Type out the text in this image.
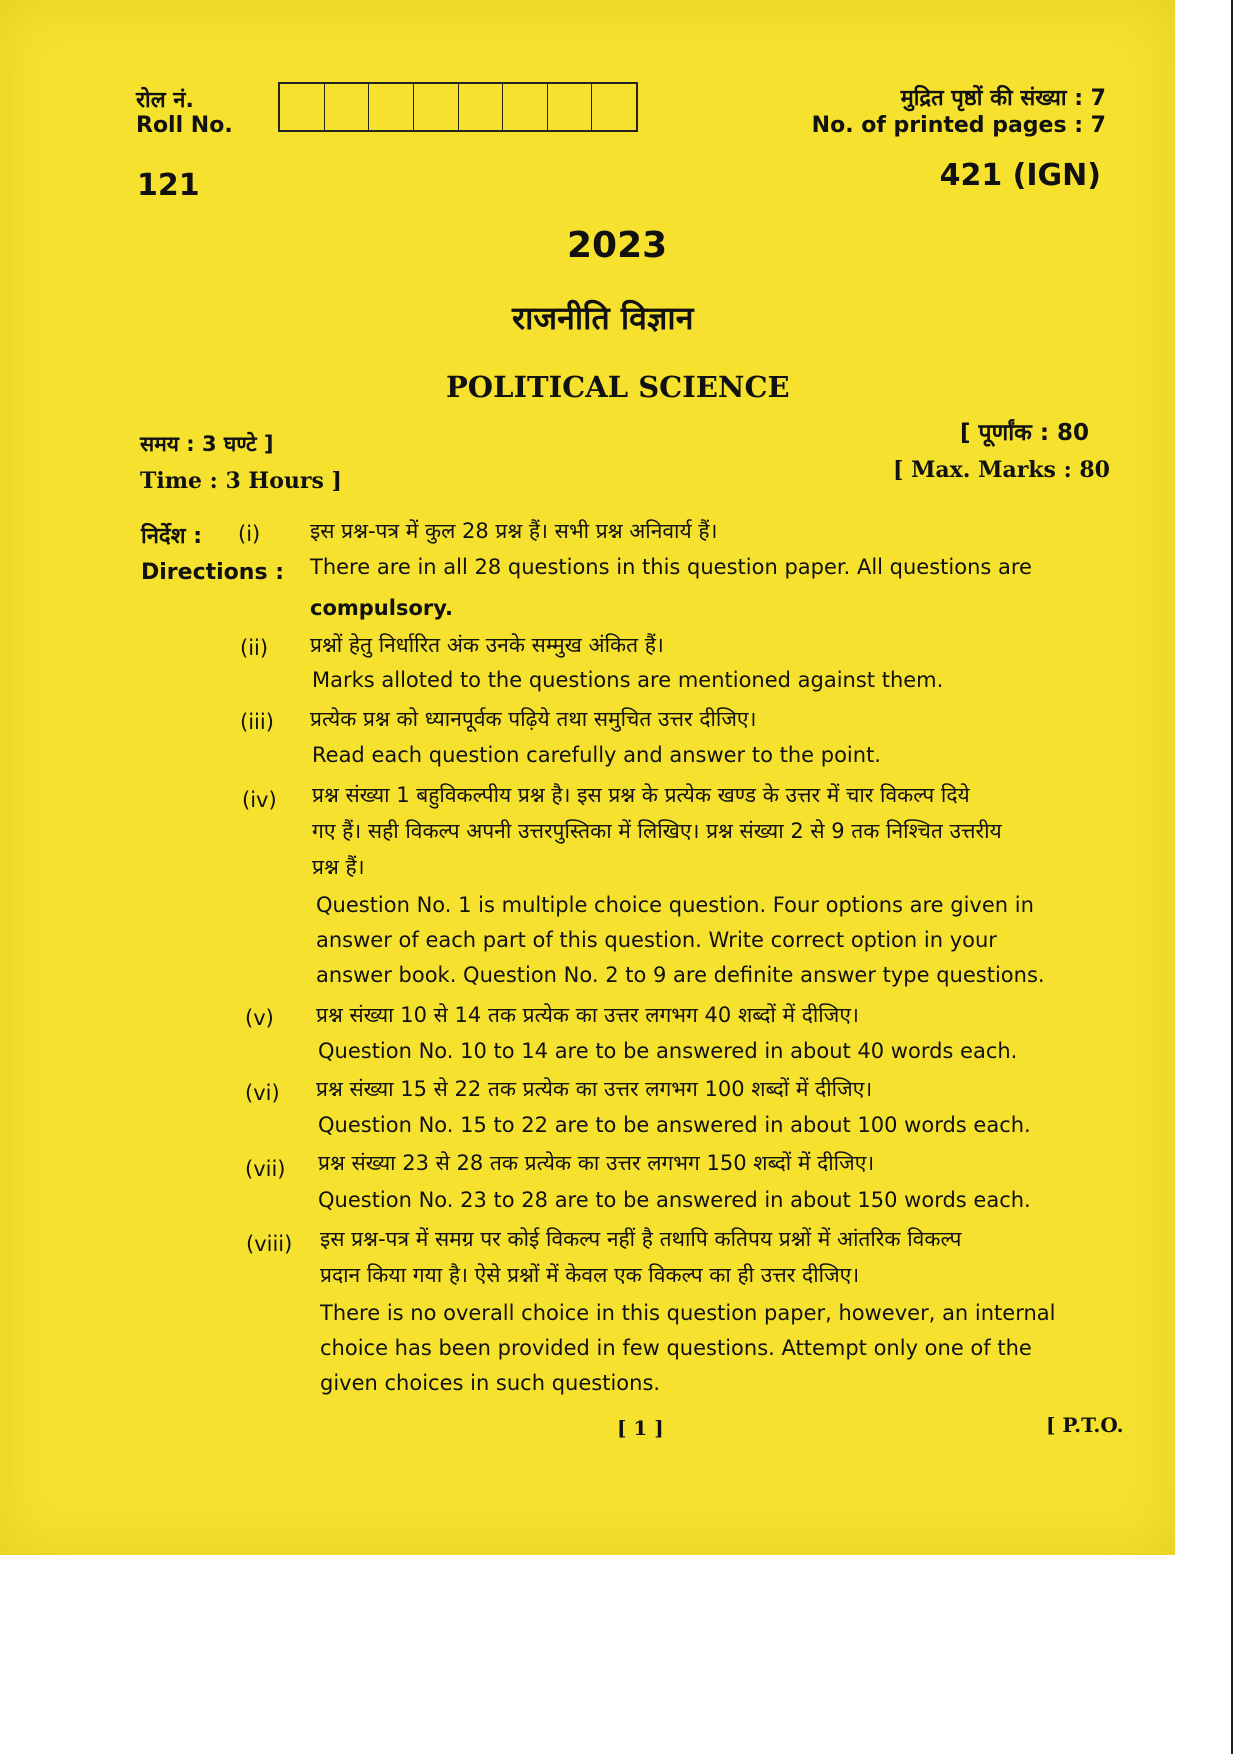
रोल नं.
Roll No.
मुद्रित पृष्ठों की संख्या : 7
No. of printed pages : 7
121	421 (IGN)
2023
राजनीति विज्ञान
POLITICAL SCIENCE
समय : 3 घण्टे ]
Time : 3 Hours ]
[ पूर्णांक : 80
[ Max. Marks : 80
निर्देश :
Directions :
(i) इस प्रश्न-पत्र में कुल 28 प्रश्न हैं। सभी प्रश्न अनिवार्य हैं।
There are in all 28 questions in this question paper. All questions are
compulsory.
(ii) प्रश्नों हेतु निर्धारित अंक उनके सम्मुख अंकित हैं।
Marks alloted to the questions are mentioned against them.
(iii) प्रत्येक प्रश्न को ध्यानपूर्वक पढ़िये तथा समुचित उत्तर दीजिए।
Read each question carefully and answer to the point.
(iv) प्रश्न संख्या 1 बहुविकल्पीय प्रश्न है। इस प्रश्न के प्रत्येक खण्ड के उत्तर में चार विकल्प दिये
गए हैं। सही विकल्प अपनी उत्तरपुस्तिका में लिखिए। प्रश्न संख्या 2 से 9 तक निश्चित उत्तरीय
प्रश्न हैं।
Question No. 1 is multiple choice question. Four options are given in
answer of each part of this question. Write correct option in your
answer book. Question No. 2 to 9 are definite answer type questions.
(v) प्रश्न संख्या 10 से 14 तक प्रत्येक का उत्तर लगभग 40 शब्दों में दीजिए।
Question No. 10 to 14 are to be answered in about 40 words each.
(vi) प्रश्न संख्या 15 से 22 तक प्रत्येक का उत्तर लगभग 100 शब्दों में दीजिए।
Question No. 15 to 22 are to be answered in about 100 words each.
(vii) प्रश्न संख्या 23 से 28 तक प्रत्येक का उत्तर लगभग 150 शब्दों में दीजिए।
Question No. 23 to 28 are to be answered in about 150 words each.
(viii) इस प्रश्न-पत्र में समग्र पर कोई विकल्प नहीं है तथापि कतिपय प्रश्नों में आंतरिक विकल्प
प्रदान किया गया है। ऐसे प्रश्नों में केवल एक विकल्प का ही उत्तर दीजिए।
There is no overall choice in this question paper, however, an internal
choice has been provided in few questions. Attempt only one of the
given choices in such questions.
[ 1 ]	[ P.T.O.
